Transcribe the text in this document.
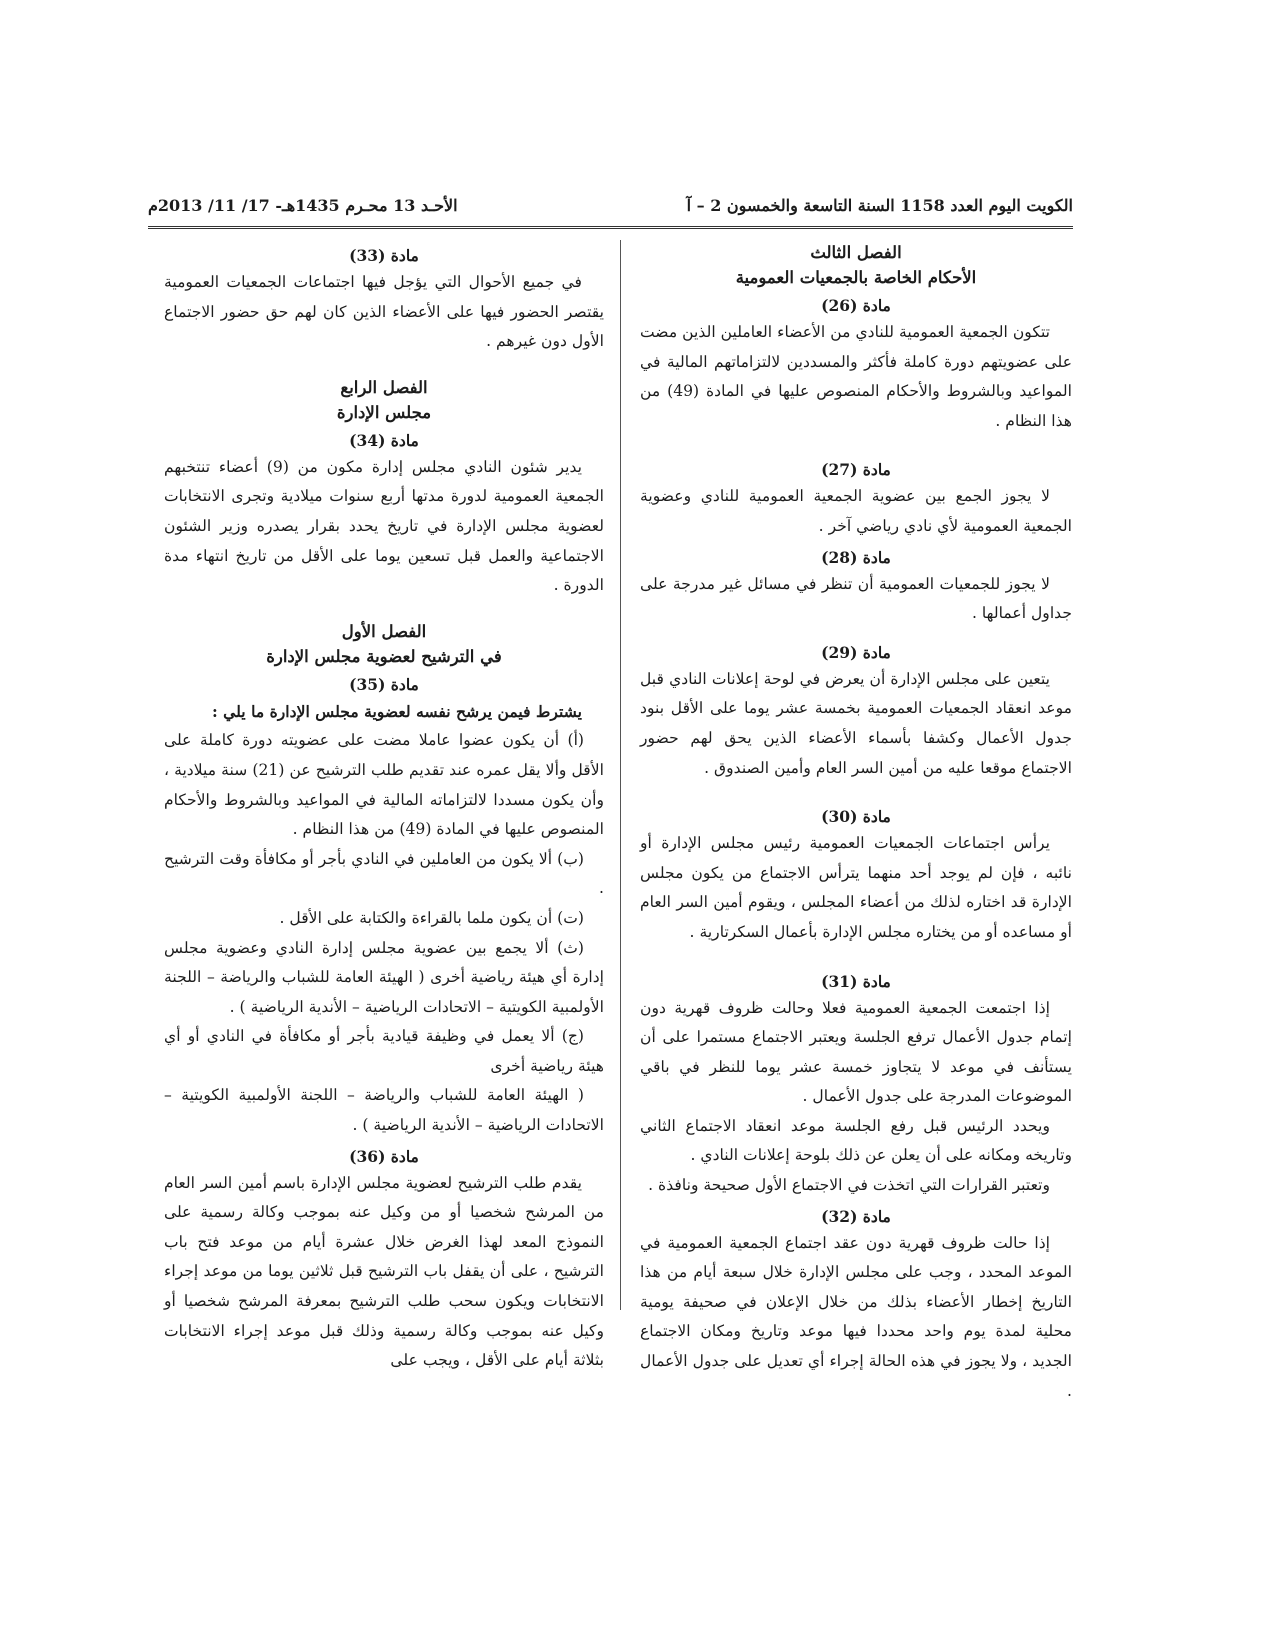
الكويت اليوم العدد 1158 السنة التاسعة والخمسون 2 – آ
الأحـد 13 محـرم 1435هـ- 17/ 11/ 2013م
الفصل الثالث
الأحكام الخاصة بالجمعيات العمومية
مادة (26)

تتكون الجمعية العمومية للنادي من الأعضاء العاملين الذين مضت على عضويتهم دورة كاملة فأكثر والمسددين لالتزاماتهم المالية في المواعيد وبالشروط والأحكام المنصوص عليها في المادة (49) من هذا النظام .

مادة (27)

لا يجوز الجمع بين عضوية الجمعية العمومية للنادي وعضوية الجمعية العمومية لأي نادي رياضي آخر .

مادة (28)

لا يجوز للجمعيات العمومية أن تنظر في مسائل غير مدرجة على جداول أعمالها .

مادة (29)

يتعين على مجلس الإدارة أن يعرض في لوحة إعلانات النادي قبل موعد انعقاد الجمعيات العمومية بخمسة عشر يوما على الأقل بنود جدول الأعمال وكشفا بأسماء الأعضاء الذين يحق لهم حضور الاجتماع موقعا عليه من أمين السر العام وأمين الصندوق .

مادة (30)

يرأس اجتماعات الجمعيات العمومية رئيس مجلس الإدارة أو نائبه ، فإن لم يوجد أحد منهما يترأس الاجتماع من يكون مجلس الإدارة قد اختاره لذلك من أعضاء المجلس ، ويقوم أمين السر العام أو مساعده أو من يختاره مجلس الإدارة بأعمال السكرتارية .

مادة (31)

إذا اجتمعت الجمعية العمومية فعلا وحالت ظروف قهرية دون إتمام جدول الأعمال ترفع الجلسة ويعتبر الاجتماع مستمرا على أن يستأنف في موعد لا يتجاوز خمسة عشر يوما للنظر في باقي الموضوعات المدرجة على جدول الأعمال .

ويحدد الرئيس قبل رفع الجلسة موعد انعقاد الاجتماع الثاني وتاريخه ومكانه على أن يعلن عن ذلك بلوحة إعلانات النادي .

وتعتبر القرارات التي اتخذت في الاجتماع الأول صحيحة ونافذة .

مادة (32)

إذا حالت ظروف قهرية دون عقد اجتماع الجمعية العمومية في الموعد المحدد ، وجب على مجلس الإدارة خلال سبعة أيام من هذا التاريخ إخطار الأعضاء بذلك من خلال الإعلان في صحيفة يومية محلية لمدة يوم واحد محددا فيها موعد وتاريخ ومكان الاجتماع الجديد ، ولا يجوز في هذه الحالة إجراء أي تعديل على جدول الأعمال .

مادة (33)

في جميع الأحوال التي يؤجل فيها اجتماعات الجمعيات العمومية يقتصر الحضور فيها على الأعضاء الذين كان لهم حق حضور الاجتماع الأول دون غيرهم .

الفصل الرابع
مجلس الإدارة
مادة (34)

يدير شئون النادي مجلس إدارة مكون من (9) أعضاء تنتخبهم الجمعية العمومية لدورة مدتها أربع سنوات ميلادية وتجرى الانتخابات لعضوية مجلس الإدارة في تاريخ يحدد بقرار يصدره وزير الشئون الاجتماعية والعمل قبل تسعين يوما على الأقل من تاريخ انتهاء مدة الدورة .

الفصل الأول
في الترشيح لعضوية مجلس الإدارة
مادة (35)

يشترط فيمن يرشح نفسه لعضوية مجلس الإدارة ما يلي :

(أ) أن يكون عضوا عاملا مضت على عضويته دورة كاملة على الأقل وألا يقل عمره عند تقديم طلب الترشيح عن (21) سنة ميلادية ، وأن يكون مسددا لالتزاماته المالية في المواعيد وبالشروط والأحكام المنصوص عليها في المادة (49) من هذا النظام .

(ب) ألا يكون من العاملين في النادي بأجر أو مكافأة وقت الترشيح .

(ت) أن يكون ملما بالقراءة والكتابة على الأقل .

(ث) ألا يجمع بين عضوية مجلس إدارة النادي وعضوية مجلس إدارة أي هيئة رياضية أخرى ( الهيئة العامة للشباب والرياضة – اللجنة الأولمبية الكويتية – الاتحادات الرياضية – الأندية الرياضية ) .

(ج) ألا يعمل في وظيفة قيادية بأجر أو مكافأة في النادي أو أي هيئة رياضية أخرى

( الهيئة العامة للشباب والرياضة – اللجنة الأولمبية الكويتية – الاتحادات الرياضية – الأندية الرياضية ) .

مادة (36)

يقدم طلب الترشيح لعضوية مجلس الإدارة باسم أمين السر العام من المرشح شخصيا أو من وكيل عنه بموجب وكالة رسمية على النموذج المعد لهذا الغرض خلال عشرة أيام من موعد فتح باب الترشيح ، على أن يقفل باب الترشيح قبل ثلاثين يوما من موعد إجراء الانتخابات ويكون سحب طلب الترشيح بمعرفة المرشح شخصيا أو وكيل عنه بموجب وكالة رسمية وذلك قبل موعد إجراء الانتخابات بثلاثة أيام على الأقل ، ويجب على
